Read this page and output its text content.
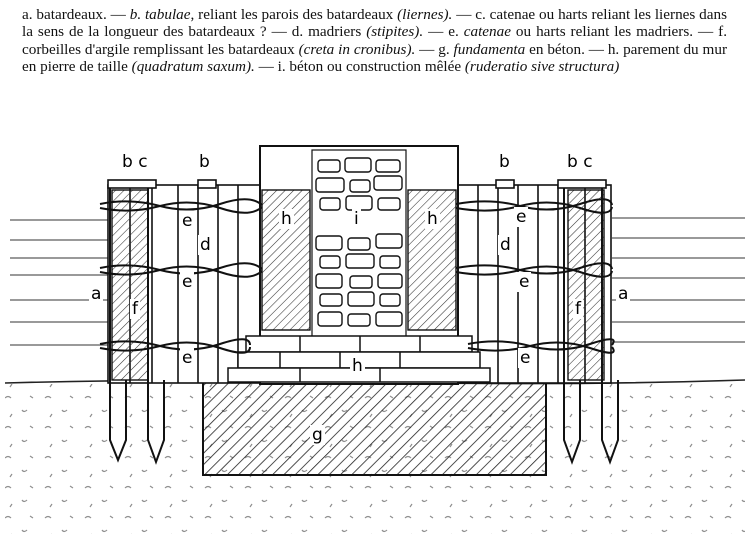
a. batardeaux. — b. tabulae, reliant les parois des batardeaux (liernes). — c. catenae ou harts reliant les liernes dans la sens de la longueur des batardeaux ? — d. madriers (stipites). — e. catenae ou harts reliant les madriers. — f. corbeilles d'argile remplissant les batardeaux (creta in cronibus). — g. fundamenta en béton. — h. parement du mur en pierre de taille (quadratum saxum). — i. béton ou construction mêlée (ruderatio sive structura)

b c	b	b	b c
e	e
h	i	h
d	d
e	e
a	a
f	f
e	e
h
g
